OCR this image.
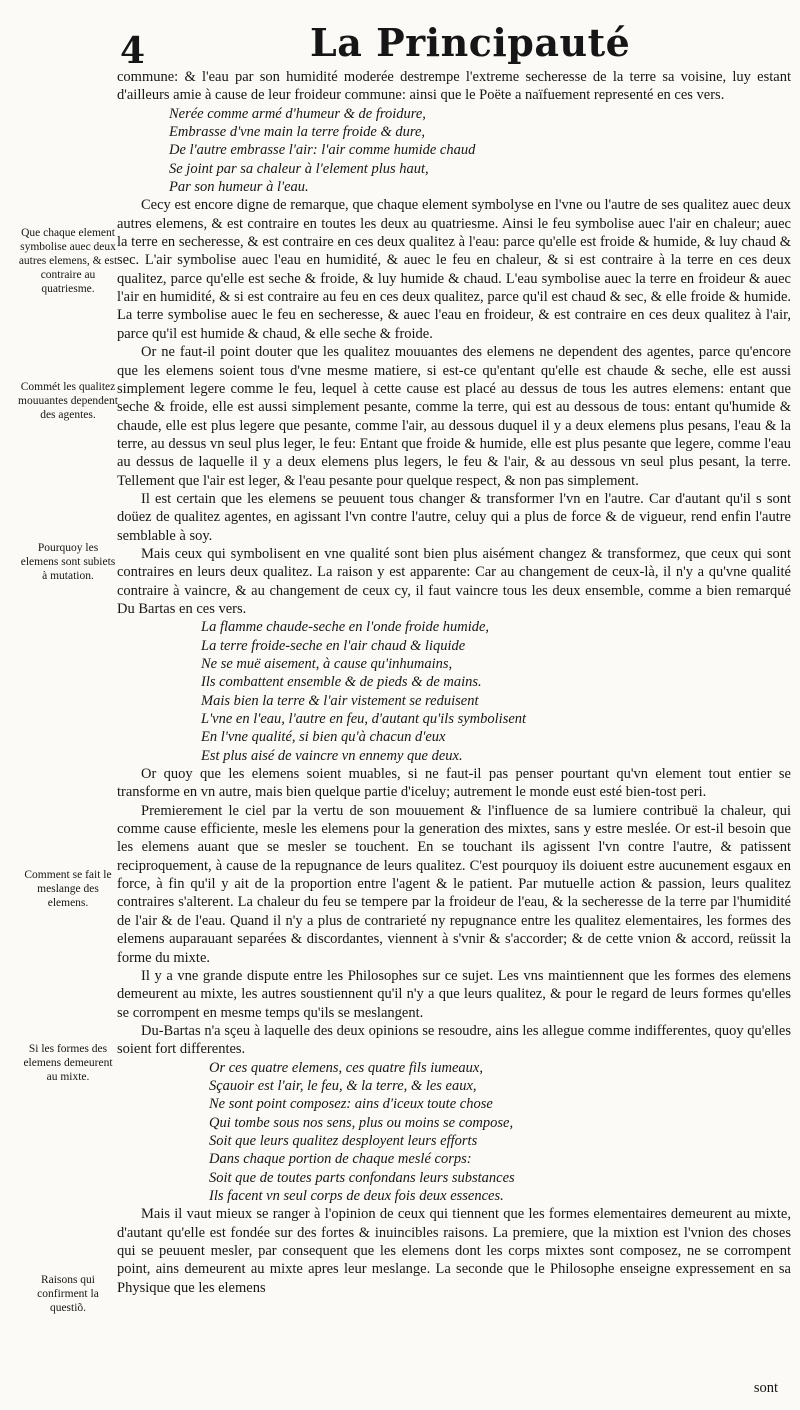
4	La Principauté
Que chaque element symbolise auec deux autres elemens, & est contraire au quatriesme.
Commét les qualitez mouuantes dependent des agentes.
Pourquoy les elemens sont subiets à mutation.
Comment se fait le meslange des elemens.
Si les formes des elemens demeurent au mixte.
Raisons qui confirment la questiõ.

commune: & l'eau par son humidité moderée destrempe l'extreme secheresse de la terre sa voisine, luy estant d'ailleurs amie à cause de leur froideur commune: ainsi que le Poëte a naïfuement representé en ces vers.

Nerée comme armé d'humeur & de froidure,
Embrasse d'vne main la terre froide & dure,
De l'autre embrasse l'air: l'air comme humide chaud
Se joint par sa chaleur à l'element plus haut,
Par son humeur à l'eau.

Cecy est encore digne de remarque, que chaque element symbolyse en l'vne ou l'autre de ses qualitez auec deux autres elemens, & est contraire en toutes les deux au quatriesme. Ainsi le feu symbolise auec l'air en chaleur; auec la terre en secheresse, & est contraire en ces deux qualitez à l'eau: parce qu'elle est froide & humide, & luy chaud & sec. L'air symbolise auec l'eau en humidité, & auec le feu en chaleur, & si est contraire à la terre en ces deux qualitez, parce qu'elle est seche & froide, & luy humide & chaud. L'eau symbolise auec la terre en froideur & auec l'air en humidité, & si est contraire au feu en ces deux qualitez, parce qu'il est chaud & sec, & elle froide & humide. La terre symbolise auec le feu en secheresse, & auec l'eau en froideur, & est contraire en ces deux qualitez à l'air, parce qu'il est humide & chaud, & elle seche & froide.

Or ne faut-il point douter que les qualitez mouuantes des elemens ne dependent des agentes, parce qu'encore que les elemens soient tous d'vne mesme matiere, si est-ce qu'entant qu'elle est chaude & seche, elle est aussi simplement legere comme le feu, lequel à cette cause est placé au dessus de tous les autres elemens: entant que seche & froide, elle est aussi simplement pesante, comme la terre, qui est au dessous de tous: entant qu'humide & chaude, elle est plus legere que pesante, comme l'air, au dessous duquel il y a deux elemens plus pesans, l'eau & la terre, au dessus vn seul plus leger, le feu: Entant que froide & humide, elle est plus pesante que legere, comme l'eau au dessus de laquelle il y a deux elemens plus legers, le feu & l'air, & au dessous vn seul plus pesant, la terre. Tellement que l'air est leger, & l'eau pesante pour quelque respect, & non pas simplement.

Il est certain que les elemens se peuuent tous changer & transformer l'vn en l'autre. Car d'autant qu'il s sont doüez de qualitez agentes, en agissant l'vn contre l'autre, celuy qui a plus de force & de vigueur, rend enfin l'autre semblable à soy.

Mais ceux qui symbolisent en vne qualité sont bien plus aisément changez & transformez, que ceux qui sont contraires en leurs deux qualitez. La raison y est apparente: Car au changement de ceux-là, il n'y a qu'vne qualité contraire à vaincre, & au changement de ceux cy, il faut vaincre tous les deux ensemble, comme a bien remarqué Du Bartas en ces vers.

La flamme chaude-seche en l'onde froide humide,
La terre froide-seche en l'air chaud & liquide
Ne se muë aisement, à cause qu'inhumains,
Ils combattent ensemble & de pieds & de mains.
Mais bien la terre & l'air vistement se reduisent
L'vne en l'eau, l'autre en feu, d'autant qu'ils symbolisent
En l'vne qualité, si bien qu'à chacun d'eux
Est plus aisé de vaincre vn ennemy que deux.

Or quoy que les elemens soient muables, si ne faut-il pas penser pourtant qu'vn element tout entier se transforme en vn autre, mais bien quelque partie d'iceluy; autrement le monde eust esté bien-tost peri.

Premierement le ciel par la vertu de son mouuement & l'influence de sa lumiere contribuë la chaleur, qui comme cause efficiente, mesle les elemens pour la generation des mixtes, sans y estre meslée. Or est-il besoin que les elemens auant que se mesler se touchent. En se touchant ils agissent l'vn contre l'autre, & patissent reciproquement, à cause de la repugnance de leurs qualitez. C'est pourquoy ils doiuent estre aucunement esgaux en force, à fin qu'il y ait de la proportion entre l'agent & le patient. Par mutuelle action & passion, leurs qualitez contraires s'alterent. La chaleur du feu se tempere par la froideur de l'eau, & la secheresse de la terre par l'humidité de l'air & de l'eau. Quand il n'y a plus de contrarieté ny repugnance entre les qualitez elementaires, les formes des elemens auparauant separées & discordantes, viennent à s'vnir & s'accorder; & de cette vnion & accord, reüssit la forme du mixte.

Il y a vne grande dispute entre les Philosophes sur ce sujet. Les vns maintiennent que les formes des elemens demeurent au mixte, les autres soustiennent qu'il n'y a que leurs qualitez, & pour le regard de leurs formes qu'elles se corrompent en mesme temps qu'ils se meslangent.

Du-Bartas n'a sçeu à laquelle des deux opinions se resoudre, ains les allegue comme indifferentes, quoy qu'elles soient fort differentes.

Or ces quatre elemens, ces quatre fils iumeaux,
Sçauoir est l'air, le feu, & la terre, & les eaux,
Ne sont point composez: ains d'iceux toute chose
Qui tombe sous nos sens, plus ou moins se compose,
Soit que leurs qualitez desployent leurs efforts
Dans chaque portion de chaque meslé corps:
Soit que de toutes parts confondans leurs substances
Ils facent vn seul corps de deux fois deux essences.

Mais il vaut mieux se ranger à l'opinion de ceux qui tiennent que les formes elementaires demeurent au mixte, d'autant qu'elle est fondée sur des fortes & inuincibles raisons. La premiere, que la mixtion est l'vnion des choses qui se peuuent mesler, par consequent que les elemens dont les corps mixtes sont composez, ne se corrompent point, ains demeurent au mixte apres leur meslange. La seconde que le Philosophe enseigne expressement en sa Physique que les elemens

sont
